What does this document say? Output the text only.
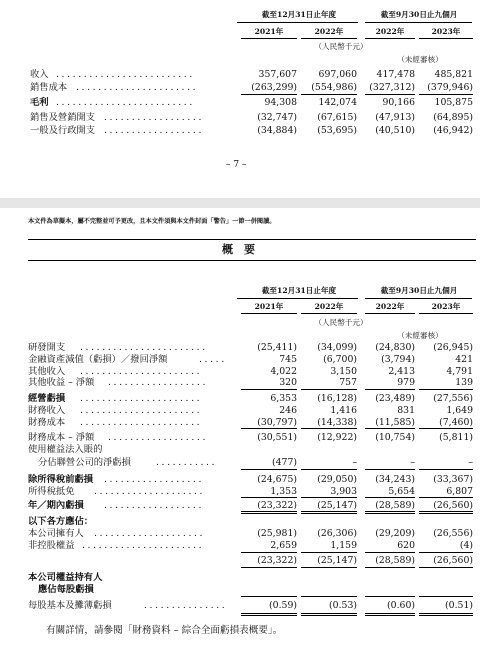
截至12月31日止年度	截至9月30日止九個月
2021年	2022年	2022年	2023年
（人民幣千元）
（未經審核）
收入 .........................	357,607	697,060	417,478	485,821
銷售成本 ......................	(263,299)	(554,986)	(327,312)	(379,946)
毛利 .........................	94,308	142,074	90,166	105,875
銷售及營銷開支 ..................	(32,747)	(67,615)	(47,913)	(64,895)
一般及行政開支 ..................	(34,884)	(53,695)	(40,510)	(46,942)
– 7 –
本文件為草擬本，屬不完整並可予更改，且本文件須與本文件封面「警告」一節一併閱讀。
概　要
截至12月31日止年度	截至9月30日止九個月
2021年	2022年	2022年	2023年
（人民幣千元）
（未經審核）
研發開支 .......................	(25,411)	(34,099)	(24,830)	(26,945)
金融資產減值（虧損）／撥回淨額	.....	745	(6,700)	(3,794)	421
其他收入 ......................	4,022	3,150	2,413	4,791
其他收益 – 淨額 ..................	320	757	979	139
經營虧損 ......................	6,353	(16,128)	(23,489)	(27,556)
財務收入 ......................	246	1,416	831	1,649
財務成本 ......................	(30,797)	(14,338)	(11,585)	(7,460)
財務成本 – 淨額 ..................	(30,551)	(12,922)	(10,754)	(5,811)
使用權益法入賬的
分佔聯營公司的淨虧損	...........	(477)	–	–	–
除所得稅前虧損 ..................	(24,675)	(29,050)	(34,243)	(33,367)
所得稅抵免 ....................	1,353	3,903	5,654	6,807
年／期內虧損 ..................	(23,322)	(25,147)	(28,589)	(26,560)
以下各方應佔：
本公司擁有人 ....................	(25,981)	(26,306)	(29,209)	(26,556)
非控股權益 ......................	2,659	1,159	620	(4)
(23,322)	(25,147)	(28,589)	(26,560)
本公司權益持有人
應佔每股虧損
每股基本及攤薄虧損	...............	(0.59)	(0.53)	(0.60)	(0.51)
有關詳情，請參閱「財務資料 – 綜合全面虧損表概要」。
